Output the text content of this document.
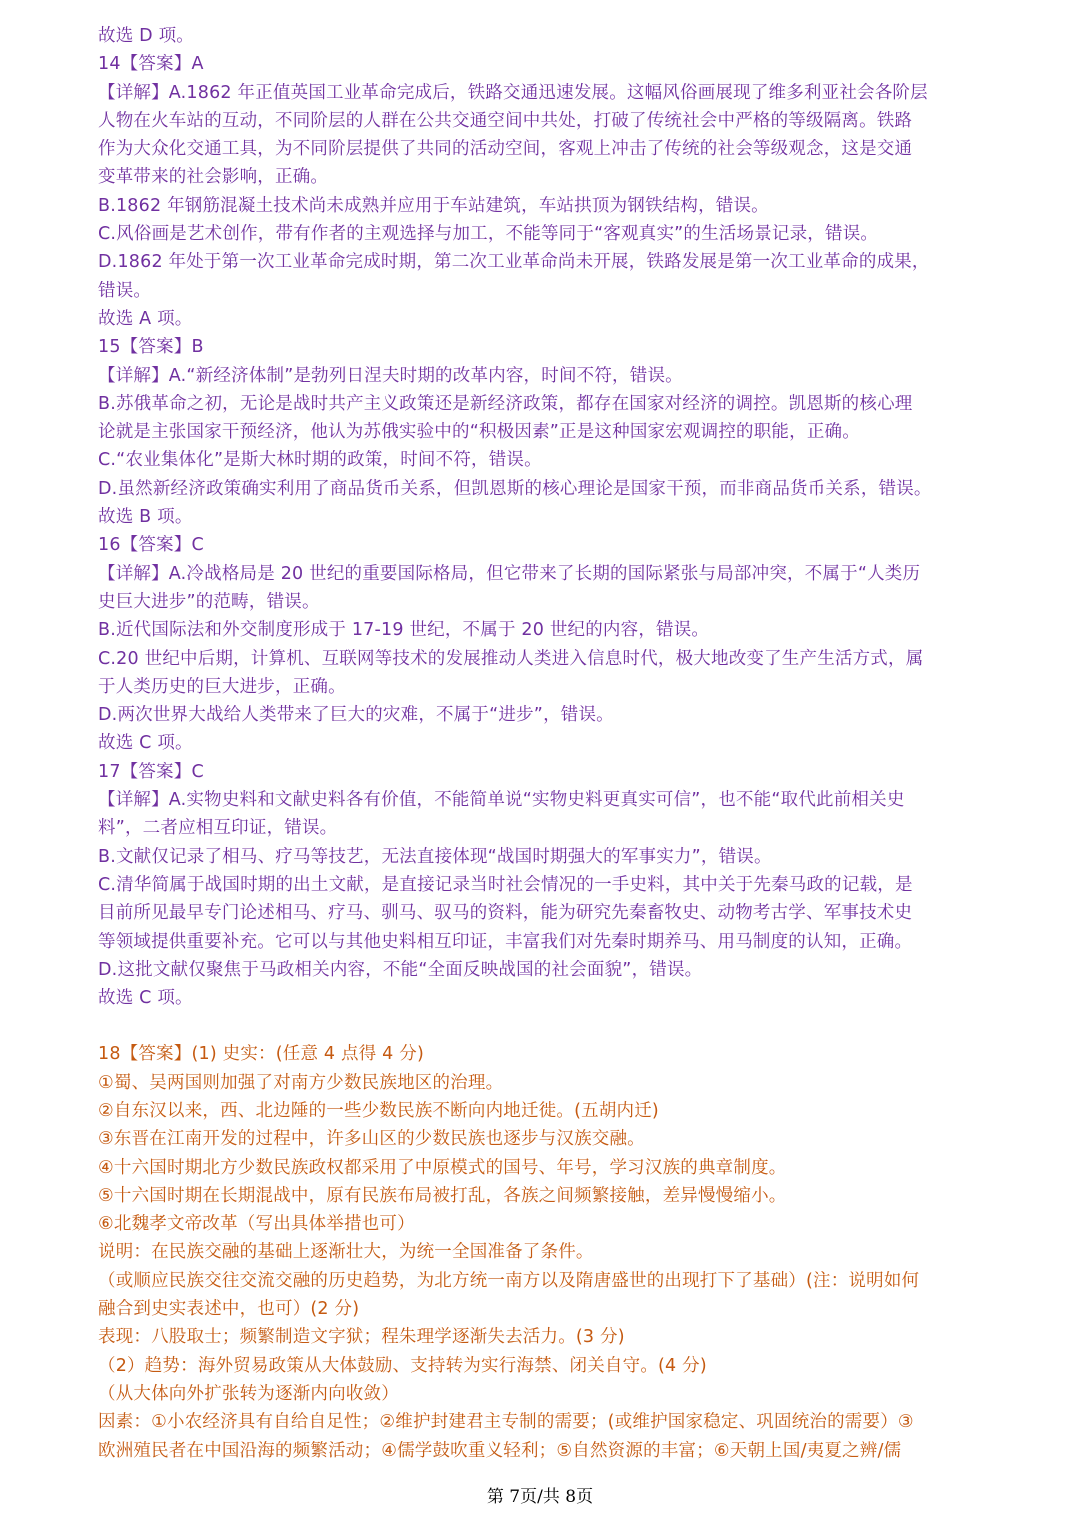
故选 D 项。
14【答案】A
【详解】A.1862 年正值英国工业革命完成后，铁路交通迅速发展。这幅风俗画展现了维多利亚社会各阶层
人物在火车站的互动，不同阶层的人群在公共交通空间中共处，打破了传统社会中严格的等级隔离。铁路
作为大众化交通工具，为不同阶层提供了共同的活动空间，客观上冲击了传统的社会等级观念，这是交通
变革带来的社会影响，正确。
B.1862 年钢筋混凝土技术尚未成熟并应用于车站建筑，车站拱顶为钢铁结构，错误。
C.风俗画是艺术创作，带有作者的主观选择与加工，不能等同于“客观真实”的生活场景记录，错误。
D.1862 年处于第一次工业革命完成时期，第二次工业革命尚未开展，铁路发展是第一次工业革命的成果，
错误。
故选 A 项。
15【答案】B
【详解】A.“新经济体制”是勃列日涅夫时期的改革内容，时间不符，错误。
B.苏俄革命之初，无论是战时共产主义政策还是新经济政策，都存在国家对经济的调控。凯恩斯的核心理
论就是主张国家干预经济，他认为苏俄实验中的“积极因素”正是这种国家宏观调控的职能，正确。
C.“农业集体化”是斯大林时期的政策，时间不符，错误。
D.虽然新经济政策确实利用了商品货币关系，但凯恩斯的核心理论是国家干预，而非商品货币关系，错误。
故选 B 项。
16【答案】C
【详解】A.冷战格局是 20 世纪的重要国际格局，但它带来了长期的国际紧张与局部冲突，不属于“人类历
史巨大进步”的范畴，错误。
B.近代国际法和外交制度形成于 17-19 世纪，不属于 20 世纪的内容，错误。
C.20 世纪中后期，计算机、互联网等技术的发展推动人类进入信息时代，极大地改变了生产生活方式，属
于人类历史的巨大进步，正确。
D.两次世界大战给人类带来了巨大的灾难，不属于“进步”，错误。
故选 C 项。
17【答案】C
【详解】A.实物史料和文献史料各有价值，不能简单说“实物史料更真实可信”，也不能“取代此前相关史
料”，二者应相互印证，错误。
B.文献仅记录了相马、疗马等技艺，无法直接体现“战国时期强大的军事实力”，错误。
C.清华简属于战国时期的出土文献，是直接记录当时社会情况的一手史料，其中关于先秦马政的记载，是
目前所见最早专门论述相马、疗马、驯马、驭马的资料，能为研究先秦畜牧史、动物考古学、军事技术史
等领域提供重要补充。它可以与其他史料相互印证，丰富我们对先秦时期养马、用马制度的认知，正确。
D.这批文献仅聚焦于马政相关内容，不能“全面反映战国的社会面貌”，错误。
故选 C 项。
18【答案】(1) 史实：(任意 4 点得 4 分)
①蜀、吴两国则加强了对南方少数民族地区的治理。
②自东汉以来，西、北边陲的一些少数民族不断向内地迁徙。(五胡内迁)
③东晋在江南开发的过程中，许多山区的少数民族也逐步与汉族交融。
④十六国时期北方少数民族政权都采用了中原模式的国号、年号，学习汉族的典章制度。
⑤十六国时期在长期混战中，原有民族布局被打乱，各族之间频繁接触，差异慢慢缩小。
⑥北魏孝文帝改革（写出具体举措也可）
说明：在民族交融的基础上逐渐壮大，为统一全国准备了条件。
（或顺应民族交往交流交融的历史趋势，为北方统一南方以及隋唐盛世的出现打下了基础）(注：说明如何
融合到史实表述中，也可）(2 分)
表现：八股取士；频繁制造文字狱；程朱理学逐渐失去活力。(3 分)
（2）趋势：海外贸易政策从大体鼓励、支持转为实行海禁、闭关自守。(4 分)
（从大体向外扩张转为逐渐内向收敛）
因素：①小农经济具有自给自足性；②维护封建君主专制的需要；(或维护国家稳定、巩固统治的需要）③
欧洲殖民者在中国沿海的频繁活动；④儒学鼓吹重义轻利；⑤自然资源的丰富；⑥天朝上国/夷夏之辨/儒
第 7页/共 8页
